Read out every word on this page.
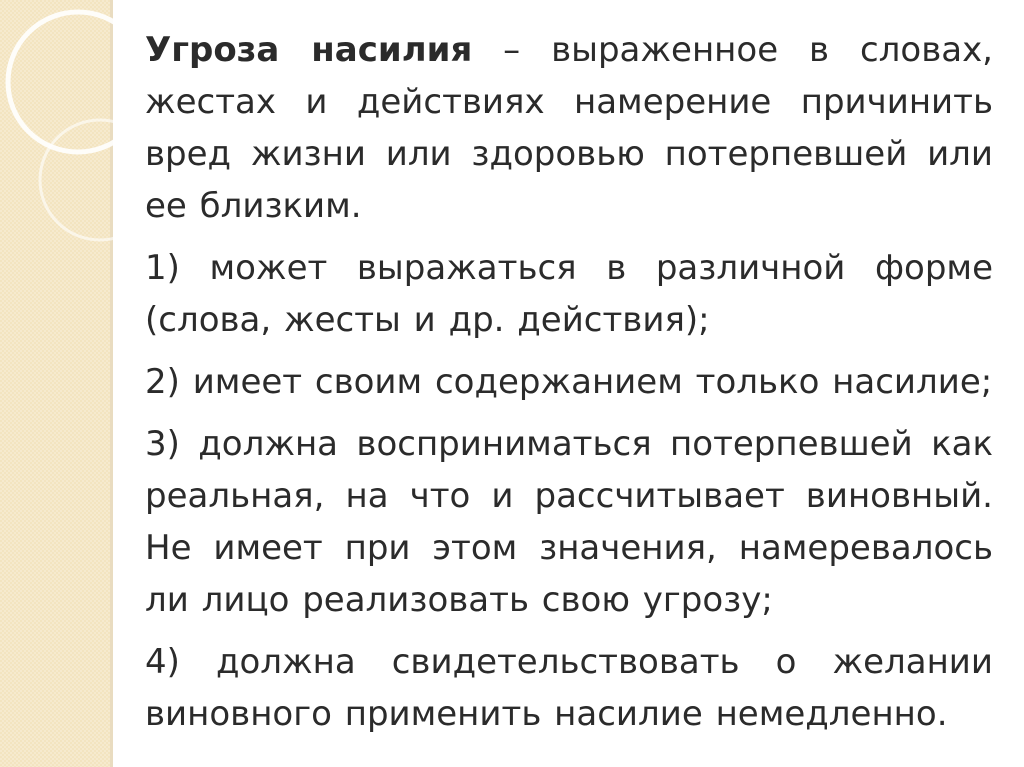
Угроза насилия – выраженное в словах, жестах и действиях намерение причинить вред жизни или здоровью потерпевшей или ее близким.

1) может выражаться в различной форме (слова, жесты и др. действия);

2) имеет своим содержанием только насилие;

3) должна восприниматься потерпевшей как реальная, на что и рассчитывает виновный. Не имеет при этом значения, намеревалось ли лицо реализовать свою угрозу;

4) должна свидетельствовать о желании виновного применить насилие немедленно.
